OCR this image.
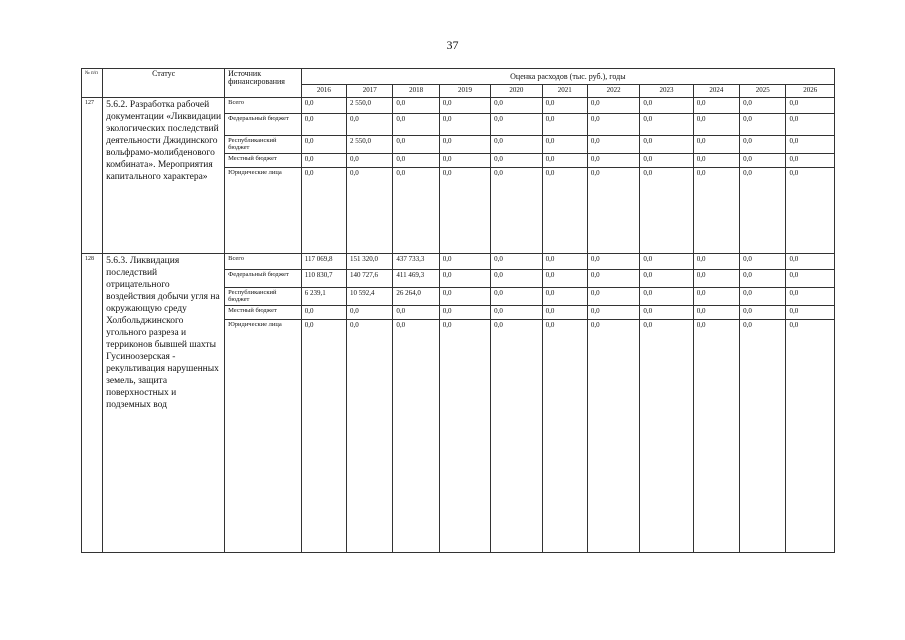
37
№ п/п	Статус	Источник финансирования	Оценка расходов (тыс. руб.), годы										
			2016	2017	2018	2019	2020	2021	2022	2023	2024	2025	2026
127	5.6.2. Разработка рабочей документации «Ликвидации экологических последствий деятельности Джидинского вольфрамо-молибденового комбината». Мероприятия капитального характера»	Всего	0,0	2 550,0	0,0	0,0	0,0	0,0	0,0	0,0	0,0	0,0	0,0
		Федеральный бюджет	0,0	0,0	0,0	0,0	0,0	0,0	0,0	0,0	0,0	0,0	0,0
		Республиканский бюджет	0,0	2 550,0	0,0	0,0	0,0	0,0	0,0	0,0	0,0	0,0	0,0
		Местный бюджет	0,0	0,0	0,0	0,0	0,0	0,0	0,0	0,0	0,0	0,0	0,0
		Юридические лица	0,0	0,0	0,0	0,0	0,0	0,0	0,0	0,0	0,0	0,0	0,0
128	5.6.3. Ликвидация последствий отрицательного воздействия добычи угля на окружающую среду Холбольджинского угольного разреза и терриконов бывшей шахты Гусиноозерская - рекультивация нарушенных земель, защита поверхностных и подземных вод	Всего	117 069,8	151 320,0	437 733,3	0,0	0,0	0,0	0,0	0,0	0,0	0,0	0,0
		Федеральный бюджет	110 830,7	140 727,6	411 469,3	0,0	0,0	0,0	0,0	0,0	0,0	0,0	0,0
		Республиканский бюджет	6 239,1	10 592,4	26 264,0	0,0	0,0	0,0	0,0	0,0	0,0	0,0	0,0
		Местный бюджет	0,0	0,0	0,0	0,0	0,0	0,0	0,0	0,0	0,0	0,0	0,0
		Юридические лица	0,0	0,0	0,0	0,0	0,0	0,0	0,0	0,0	0,0	0,0	0,0
